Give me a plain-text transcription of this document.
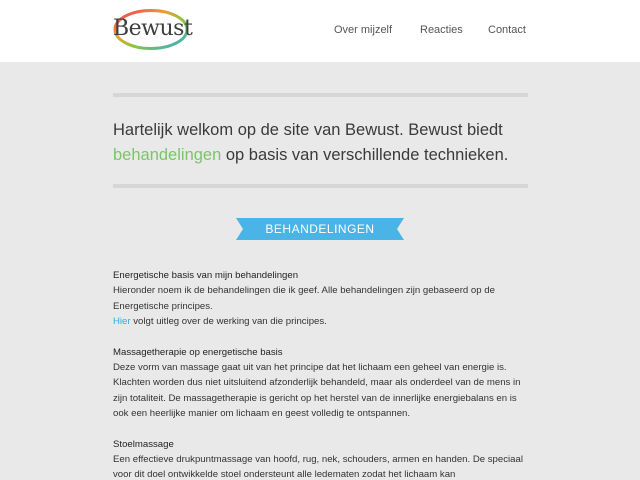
Bewust	Over mijzelf	Reacties Contact
Hartelijk welkom op de site van Bewust. Bewust biedt
behandelingen op basis van verschillende technieken.
BEHANDELINGEN
Energetische basis van mijn behandelingen
Hieronder noem ik de behandelingen die ik geef. Alle behandelingen zijn gebaseerd op de Energetische principes.
Hier volgt uitleg over de werking van die principes.
Massagetherapie op energetische basis
Deze vorm van massage gaat uit van het principe dat het lichaam een geheel van energie is. Klachten worden dus niet uitsluitend afzonderlijk behandeld, maar als onderdeel van de mens in zijn totaliteit. De massagetherapie is gericht op het herstel van de innerlijke energiebalans en is ook een heerlijke manier om lichaam en geest volledig te ontspannen.
Stoelmassage
Een effectieve drukpuntmassage van hoofd, rug, nek, schouders, armen en handen. De speciaal voor dit doel ontwikkelde stoel ondersteunt alle ledematen zodat het lichaam kan
